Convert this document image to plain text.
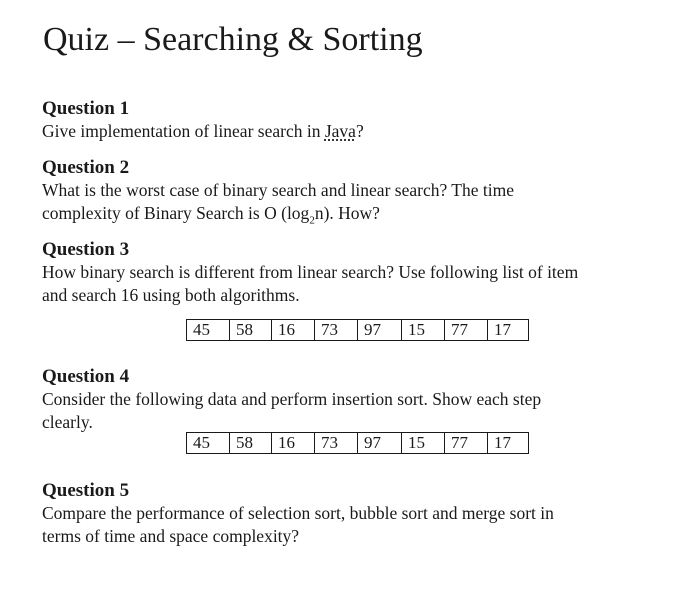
Quiz – Searching & Sorting

Question 1

Give implementation of linear search in Java?

Question 2

What is the worst case of binary search and linear search? The time

complexity of Binary Search is O $(\log_2n)$. How?

Question 3

How binary search is different from linear search? Use following list of item

and search 16 using both algorithms.

45	58	16	73	97	15	77	17

Question 4

Consider the following data and perform insertion sort. Show each step

clearly.

45	58	16	73	97	15	77	17

Question 5

Compare the performance of selection sort, bubble sort and merge sort in

terms of time and space complexity?
